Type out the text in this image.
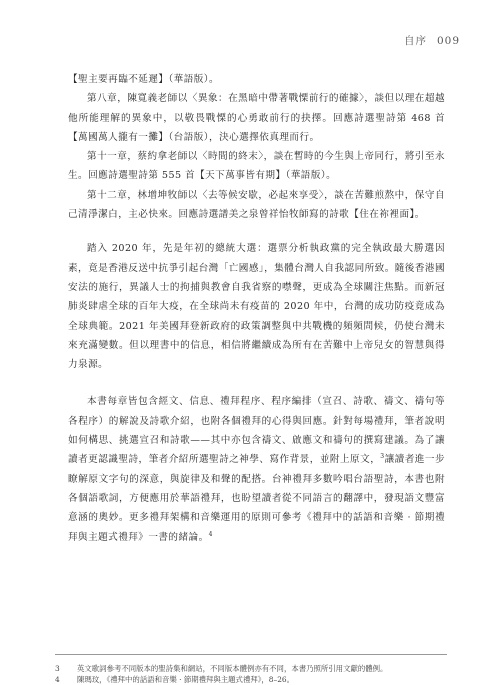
自序 009

【聖主要再臨不延遲】（華語版）。

第八章，陳寬義老師以〈異象：在黑暗中帶著戰慄前行的確據〉，談但以理在超越他所能理解的異象中，以敬畏戰慄的心勇敢前行的抉擇。回應詩選聖詩第 468 首【萬國萬人攏有一攤】（台語版），決心選擇依真理而行。

第十一章，蔡約拿老師以〈時間的終末〉，談在暫時的今生與上帝同行，將引至永生。回應詩選聖詩第 555 首【天下萬事皆有期】（華語版）。

第十二章，林增坤牧師以〈去等候安歇，必起來享受〉，談在苦難煎熬中，保守自己清淨潔白，主必快來。回應詩選譜美之泉曾祥怡牧師寫的詩歌【住在祢裡面】。

踏入 2020 年，先是年初的總統大選：選票分析執政黨的完全執政最大勝選因素，竟是香港反送中抗爭引起台灣「亡國感」，集體台灣人自我認同所致。隨後香港國安法的施行，異議人士的拘捕與教會自我省察的噤聲，更成為全球關注焦點。而新冠肺炎肆虐全球的百年大疫，在全球尚未有疫苗的 2020 年中，台灣的成功防疫竟成為全球典範。2021 年美國拜登新政府的政策調整與中共戰機的頻頻問候，仍使台灣未來充滿變數。但以理書中的信息，相信將繼續成為所有在苦難中上帝兒女的智慧與得力泉源。

本書每章皆包含經文、信息、禮拜程序、程序編排（宣召、詩歌、禱文、禱句等各程序）的解說及詩歌介紹，也附各個禮拜的心得與回應。針對每場禮拜，筆者說明如何構思、挑選宣召和詩歌——其中亦包含禱文、啟應文和禱句的撰寫建議。為了讓讀者更認識聖詩，筆者介紹所選聖詩之神學、寫作背景，並附上原文，$^3$讓讀者進一步瞭解原文字句的深意，與旋律及和聲的配搭。台神禮拜多數吟唱台語聖詩，本書也附各個語歌詞，方便應用於華語禮拜，也盼望讀者從不同語言的翻譯中，發現語文豐富意涵的奧妙。更多禮拜架構和音樂運用的原則可參考《禮拜中的話語和音樂 · 節期禮拜與主題式禮拜》一書的緒論。$^4$

3	英文歌詞參考不同版本的聖詩集和網站，不同版本體例亦有不同，本書乃照所引用文獻的體例。
4	陳瑪玟，《禮拜中的話語和音樂 · 節期禮拜與主題式禮拜》，8–26。
